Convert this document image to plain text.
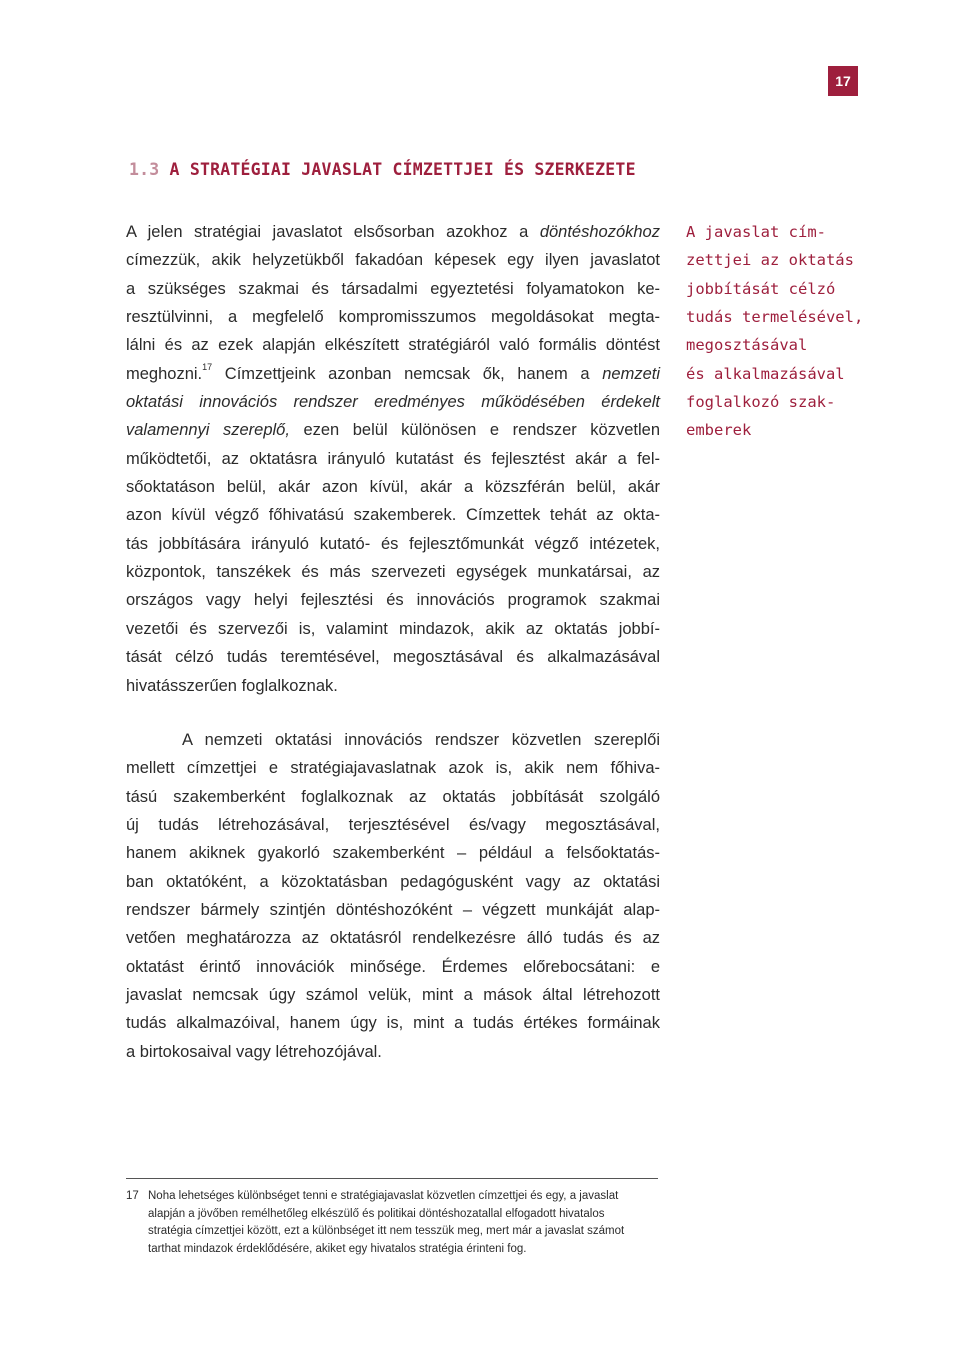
17
1.3 A STRATÉGIAI JAVASLAT CÍMZETTJEI ÉS SZERKEZETE
A jelen stratégiai javaslatot elsősorban azokhoz a döntéshozókhoz
címezzük, akik helyzetükből fakadóan képesek egy ilyen javaslatot
a szükséges szakmai és társadalmi egyeztetési folyamatokon ke-
resztülvinni, a megfelelő kompromisszumos megoldásokat megta-
lálni és az ezek alapján elkészített stratégiáról való formális döntést
meghozni.$^{17}$ Címzettjeink azonban nemcsak ők, hanem a nemzeti
oktatási innovációs rendszer eredményes működésében érdekelt
valamennyi szereplő, ezen belül különösen e rendszer közvetlen
működtetői, az oktatásra irányuló kutatást és fejlesztést akár a fel-
sőoktatáson belül, akár azon kívül, akár a közszférán belül, akár
azon kívül végző főhivatású szakemberek. Címzettek tehát az okta-
tás jobbítására irányuló kutató- és fejlesztőmunkát végző intézetek,
központok, tanszékek és más szervezeti egységek munkatársai, az
országos vagy helyi fejlesztési és innovációs programok szakmai
vezetői és szervezői is, valamint mindazok, akik az oktatás jobbí-
tását célzó tudás teremtésével, megosztásával és alkalmazásával
hivatásszerűen foglalkoznak.
A nemzeti oktatási innovációs rendszer közvetlen szereplői
mellett címzettjei e stratégiajavaslatnak azok is, akik nem főhiva-
tású szakemberként foglalkoznak az oktatás jobbítását szolgáló
új tudás létrehozásával, terjesztésével és/vagy megosztásával,
hanem akiknek gyakorló szakemberként – például a felsőoktatás-
ban oktatóként, a közoktatásban pedagógusként vagy az oktatási
rendszer bármely szintjén döntéshozóként – végzett munkáját alap-
vetően meghatározza az oktatásról rendelkezésre álló tudás és az
oktatást érintő innovációk minősége. Érdemes előrebocsátani: e
javaslat nemcsak úgy számol velük, mint a mások által létrehozott
tudás alkalmazóival, hanem úgy is, mint a tudás értékes formáinak
a birtokosaival vagy létrehozójával.
A javaslat cím-
zettjei az oktatás
jobbítását célzó
tudás termelésével,
megosztásával
és alkalmazásával
foglalkozó szak-
emberek
17 Noha lehetséges különbséget tenni e stratégiajavaslat közvetlen címzettjei és egy, a javaslat
alapján a jövőben remélhetőleg elkészülő és politikai döntéshozatallal elfogadott hivatalos
stratégia címzettjei között, ezt a különbséget itt nem tesszük meg, mert már a javaslat számot
tarthat mindazok érdeklődésére, akiket egy hivatalos stratégia érinteni fog.
